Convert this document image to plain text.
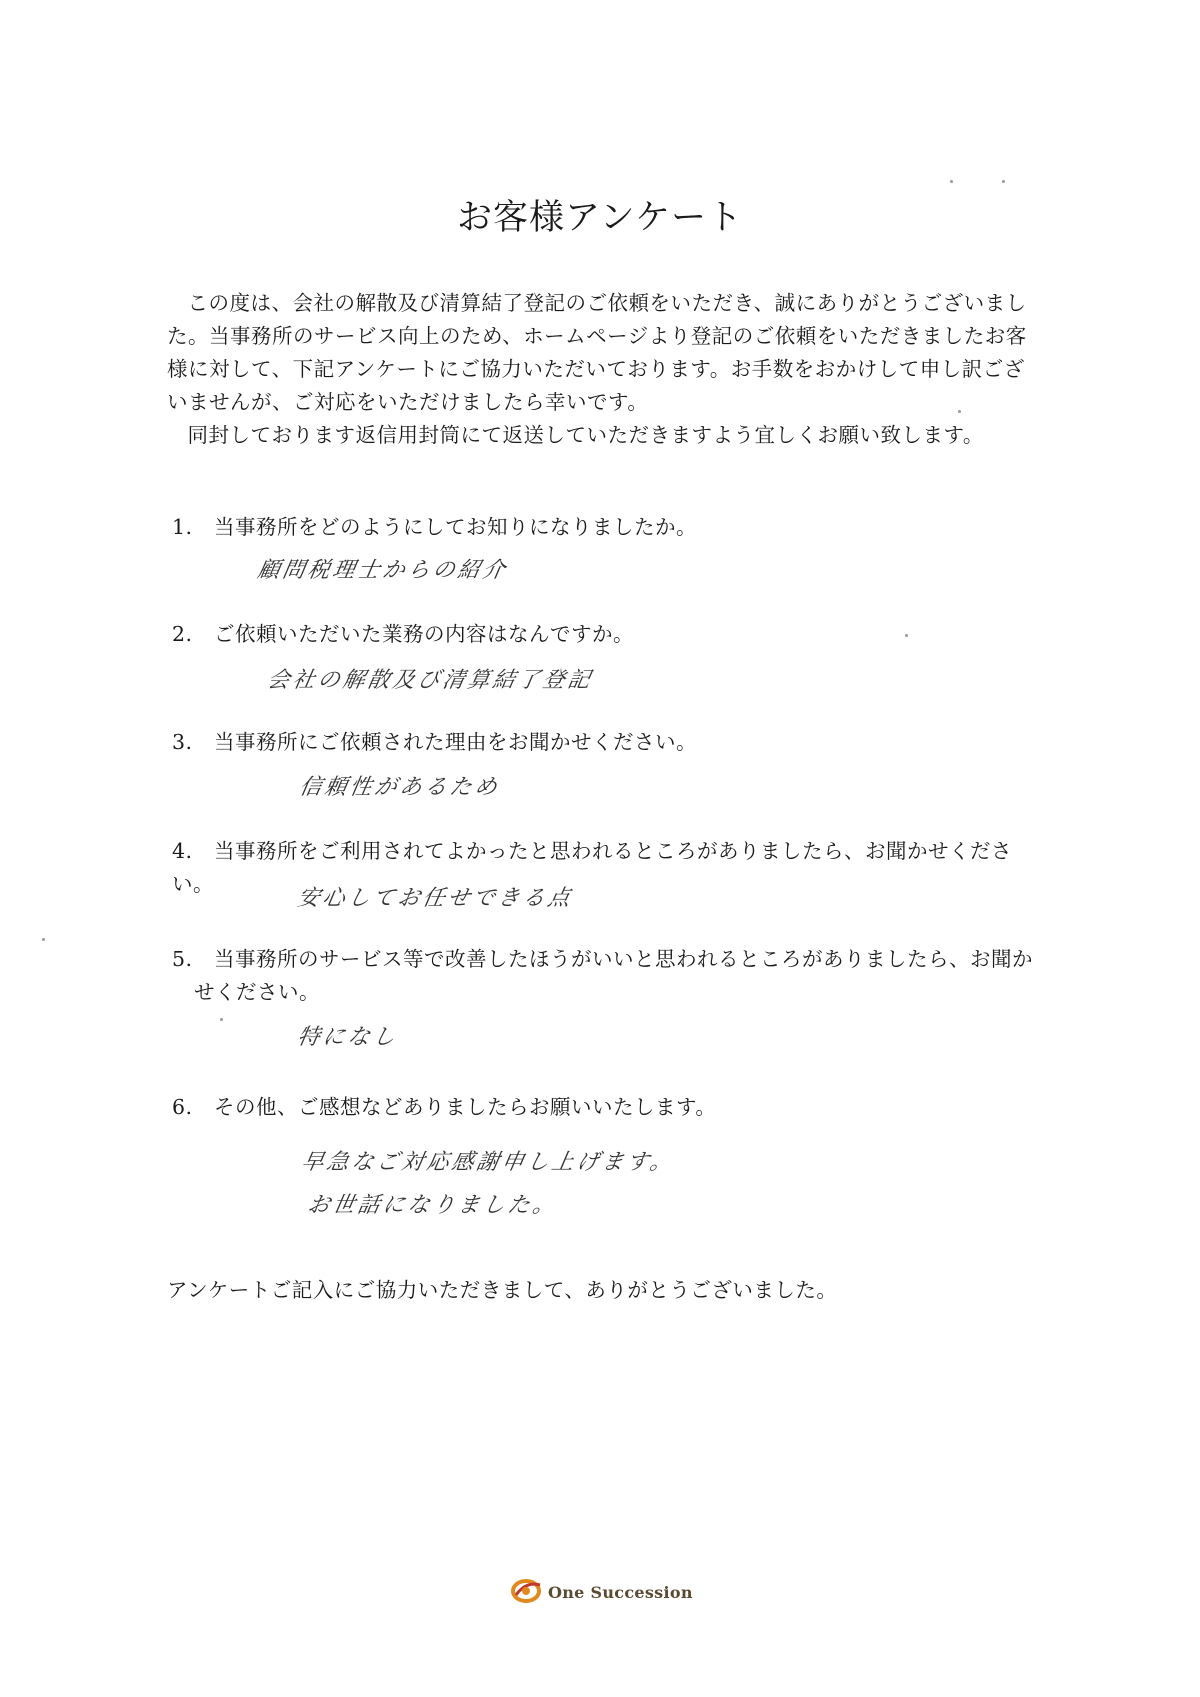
お客様アンケート

この度は、会社の解散及び清算結了登記のご依頼をいただき、誠にありがとうございました。当事務所のサービス向上のため、ホームページより登記のご依頼をいただきましたお客様に対して、下記アンケートにご協力いただいております。お手数をおかけして申し訳ございませんが、ご対応をいただけましたら幸いです。

同封しております返信用封筒にて返送していただきますよう宜しくお願い致します。

1. 当事務所をどのようにしてお知りになりましたか。
顧問税理士からの紹介
2. ご依頼いただいた業務の内容はなんですか。
会社の解散及び清算結了登記
3. 当事務所にご依頼された理由をお聞かせください。
信頼性があるため
4. 当事務所をご利用されてよかったと思われるところがありましたら、お聞かせください。
安心してお任せできる点
5. 当事務所のサービス等で改善したほうがいいと思われるところがありましたら、お聞か
せください。
特になし
6. その他、ご感想などありましたらお願いいたします。
早急なご対応感謝申し上げます。
お世話になりました。
アンケートご記入にご協力いただきまして、ありがとうございました。
One Succession
